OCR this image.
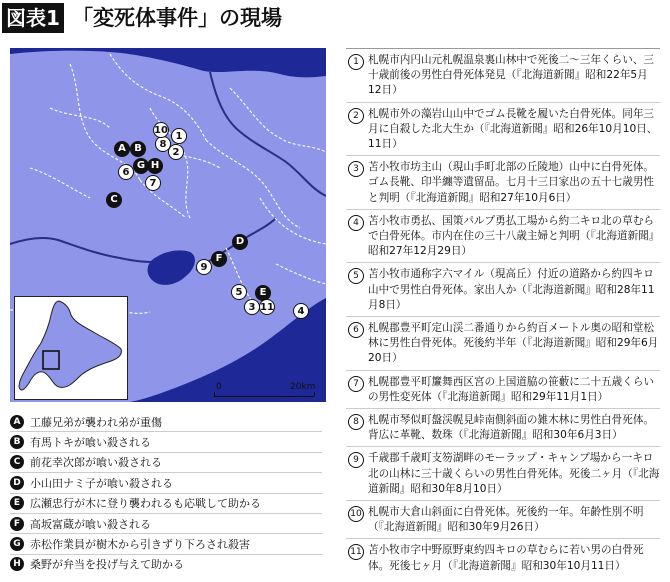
図表1 「変死体事件」の現場
A B
C
D
E
F
G H
1
2
3	4
5
6
7
8
9
10
11
0	20km
A 工藤兄弟が襲われ弟が重傷
B 有馬トキが喰い殺される
C 前花幸次郎が喰い殺される
D 小山田ナミ子が喰い殺される
E 広瀬忠行が木に登り襲われるも応戦して助かる
F 高坂富蔵が喰い殺される
G 赤松作業員が樹木から引きずり下ろされ殺害
H 桑野が弁当を投げ与えて助かる
1 札幌市内円山元札幌温泉裏山林中で死後二～三年くらい、三十歳前後の男性白骨死体発見（『北海道新聞』昭和22年5月12日）
2 札幌市外の藻岩山山中でゴム長靴を履いた白骨死体。同年三月に自殺した北大生か（『北海道新聞』昭和26年10月10日、11日）
3 苫小牧市坊主山（現山手町北部の丘陵地）山中に白骨死体。ゴム長靴、印半纏等遺留品。七月十三日家出の五十七歳男性と判明（『北海道新聞』昭和27年10月6日）
4 苫小牧市勇払、国策パルプ勇払工場から約二キロ北の草むらで白骨死体。市内在住の三十八歳主婦と判明（『北海道新聞』昭和27年12月29日）
5 苫小牧市通称字六マイル（現高丘）付近の道路から約四キロ山中で男性白骨死体。家出人か（『北海道新聞』昭和28年11月8日）
6 札幌郡豊平町定山渓二番通りから約百メートル奥の昭和堂松林に男性白骨死体。死後約半年（『北海道新聞』昭和29年6月20日）
7 札幌郡豊平町簾舞西区宮の上国道脇の笹藪に二十五歳くらいの男性変死体（『北海道新聞』昭和29年11月1日）
8 札幌市琴似町盤渓幌見峠南側斜面の雑木林に男性白骨死体。背広に革靴、数珠（『北海道新聞』昭和30年6月3日）
9 千歳郡千歳町支笏湖畔のモーラップ・キャンプ場から一キロ北の山林に三十歳くらいの男性白骨死体。死後二ヶ月（『北海道新聞』昭和30年8月10日）
10 札幌市大倉山斜面に白骨死体。死後約一年。年齢性別不明（『北海道新聞』昭和30年9月26日）
11 苫小牧市字中野原野東約四キロの草むらに若い男の白骨死体。死後七ヶ月（『北海道新聞』昭和30年10月11日）
